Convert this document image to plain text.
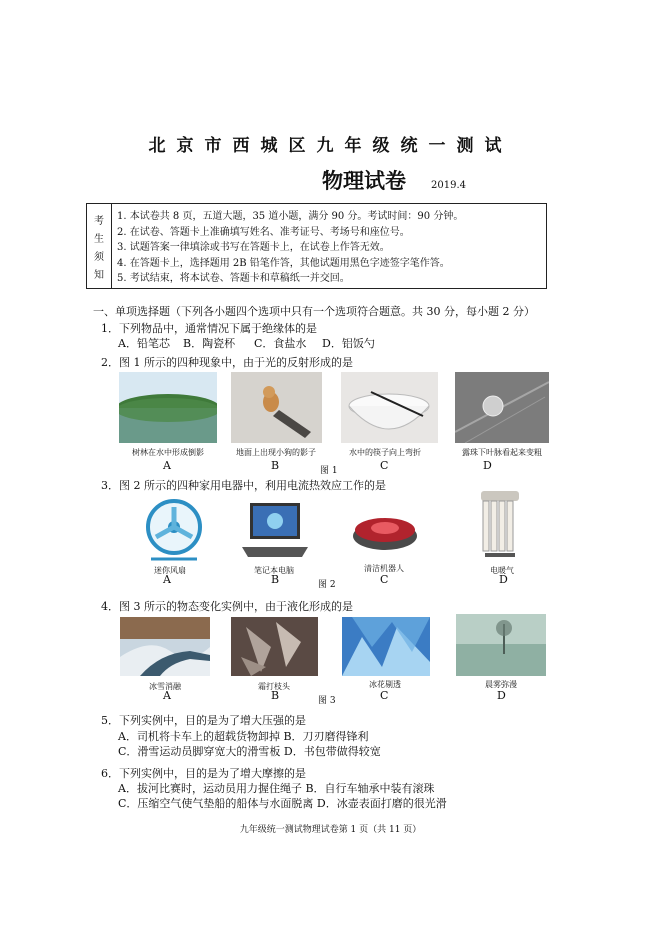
北京市西城区九年级统一测试
物理试卷	2019.4
考
生
须
知
1. 本试卷共 8 页，五道大题，35 道小题，满分 90 分。考试时间：90 分钟。
2. 在试卷、答题卡上准确填写姓名、准考证号、考场号和座位号。
3. 试题答案一律填涂或书写在答题卡上，在试卷上作答无效。
4. 在答题卡上，选择题用 2B 铅笔作答，其他试题用黑色字迹签字笔作答。
5. 考试结束，将本试卷、答题卡和草稿纸一并交回。
一、单项选择题（下列各小题四个选项中只有一个选项符合题意。共 30 分，每小题 2 分）
1．下列物品中，通常情况下属于绝缘体的是
A．铅笔芯 B．陶瓷杯 C．食盐水 D．铝饭勺
2．图 1 所示的四种现象中，由于光的反射形成的是
树林在水中形成倒影	地面上出现小狗的影子	水中的筷子向上弯折	露珠下叶脉看起来变粗
A	B	图 1	C	D
3．图 2 所示的四种家用电器中，利用电流热效应工作的是
迷你风扇	笔记本电脑	清洁机器人	电暖气
A	B	图 2	C	D
4．图 3 所示的物态变化实例中，由于液化形成的是
冰雪消融	霜打枝头	冰花剔透	晨雾弥漫
A	B	图 3	C	D
5．下列实例中，目的是为了增大压强的是
A．司机将卡车上的超载货物卸掉 B．刀刃磨得锋利
C．滑雪运动员脚穿宽大的滑雪板 D．书包带做得较宽
6．下列实例中，目的是为了增大摩擦的是
A．拔河比赛时，运动员用力握住绳子 B．自行车轴承中装有滚珠
C．压缩空气使气垫船的船体与水面脱离 D．冰壶表面打磨的很光滑
九年级统一测试物理试卷第 1 页（共 11 页）
